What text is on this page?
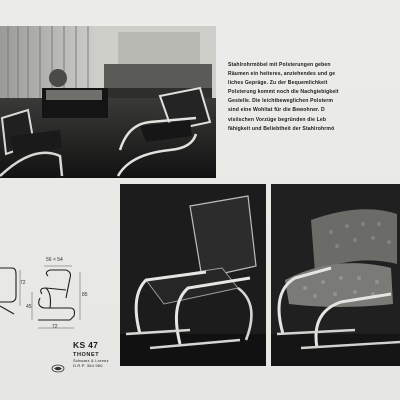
Stahlrohrmöbel mit Polsterungen geben
Räumen ein heiteres, anziehendes und ge
liches Gepräge. Zu der Bequemlichkeit
Polsterung kommt noch die Nachgiebigkeit
Gestelle. Die leichtbeweglichen Polsterm
sind eine Wohltat für die Bewohner. D
visiischen Vorzüge begründen die Leb
fähigkeit und Beliebtheit der Stahlrohrmö
56 × 54
85
72
45
72
KS 47
THONET
Schwarz & Lorenz
D.R.P. 364 960
